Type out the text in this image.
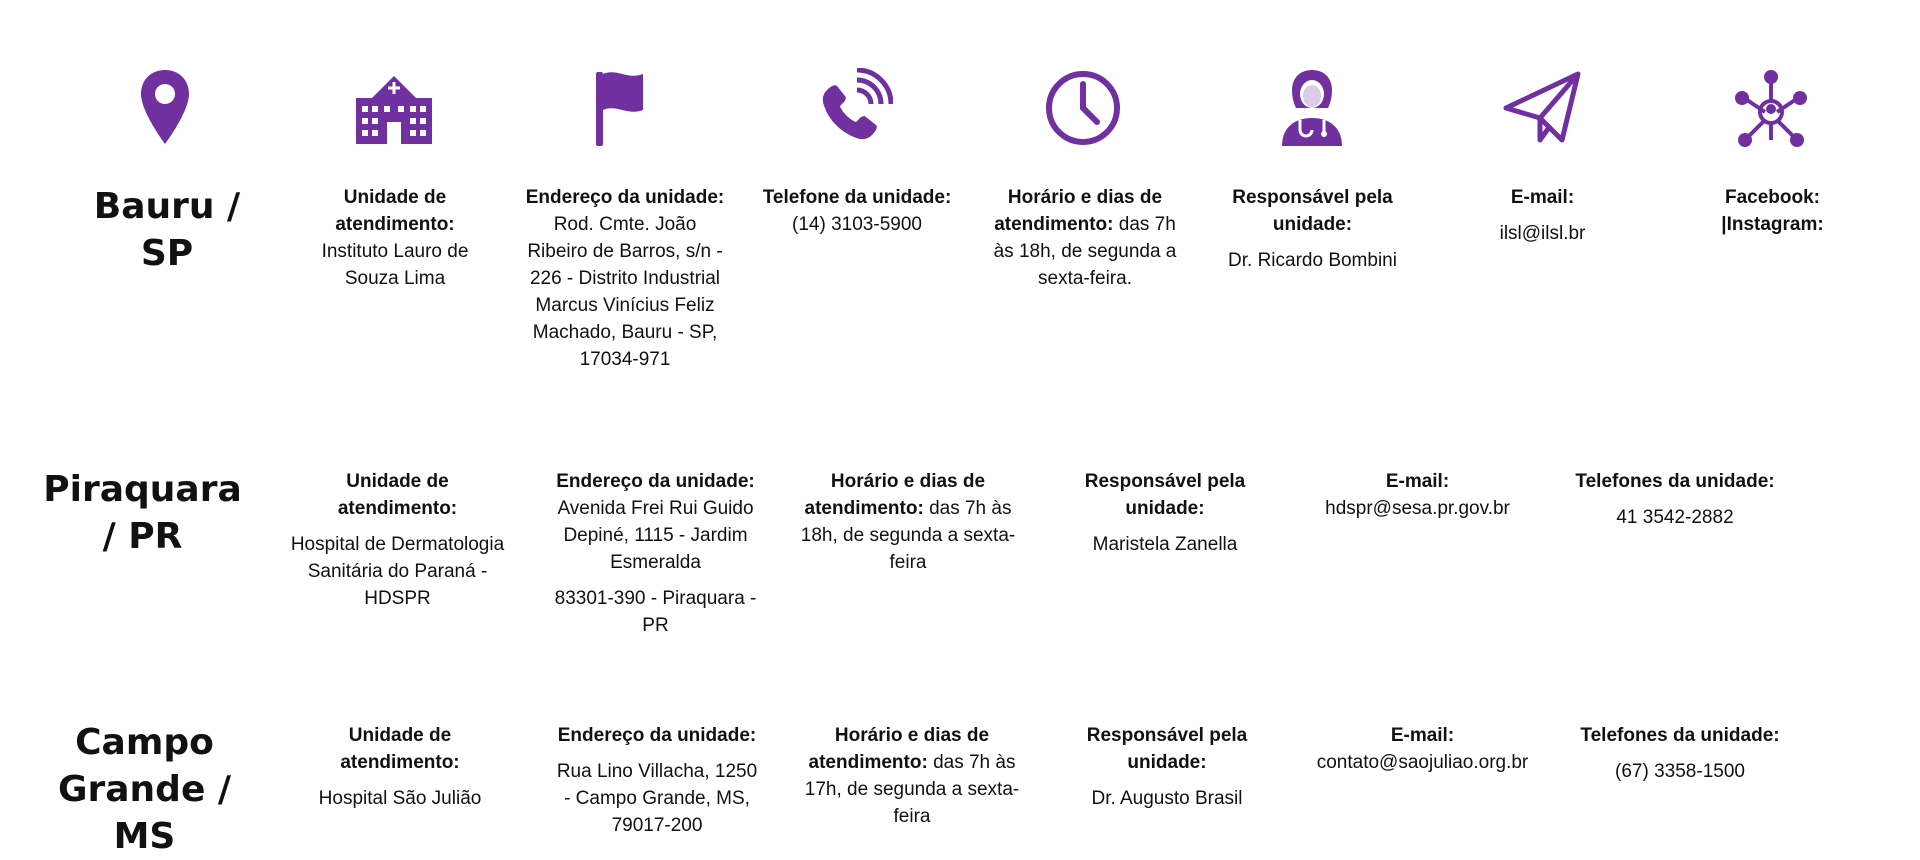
Bauru / SP
Unidade de atendimento:
Instituto Lauro de Souza Lima
Endereço da unidade: Rod. Cmte. João Ribeiro de Barros, s/n - 226 - Distrito Industrial Marcus Vinícius Feliz Machado, Bauru - SP, 17034-971
Telefone da unidade:
(14) 3103-5900
Horário e dias de atendimento: das 7h às 18h, de segunda a sexta-feira.

Responsável pela unidade:

Dr. Ricardo Bombini

E-mail:

ilsl@ilsl.br

Facebook:
|Instagram:
Piraquara / PR

Unidade de atendimento:

Hospital de Dermatologia Sanitária do Paraná - HDSPR

Endereço da unidade:
Avenida Frei Rui Guido Depiné, 1115 - Jardim Esmeralda

83301-390 - Piraquara - PR

Horário e dias de atendimento: das 7h às 18h, de segunda a sexta-feira

Responsável pela unidade:

Maristela Zanella

E-mail:
hdspr@sesa.pr.gov.br

Telefones da unidade:

41 3542-2882

Campo Grande / MS

Unidade de atendimento:

Hospital São Julião

Endereço da unidade:

Rua Lino Villacha, 1250 - Campo Grande, MS, 79017-200

Horário e dias de atendimento: das 7h às 17h, de segunda a sexta-feira

Responsável pela unidade:

Dr. Augusto Brasil

E-mail:
contato@saojuliao.org.br

Telefones da unidade:

(67) 3358-1500
